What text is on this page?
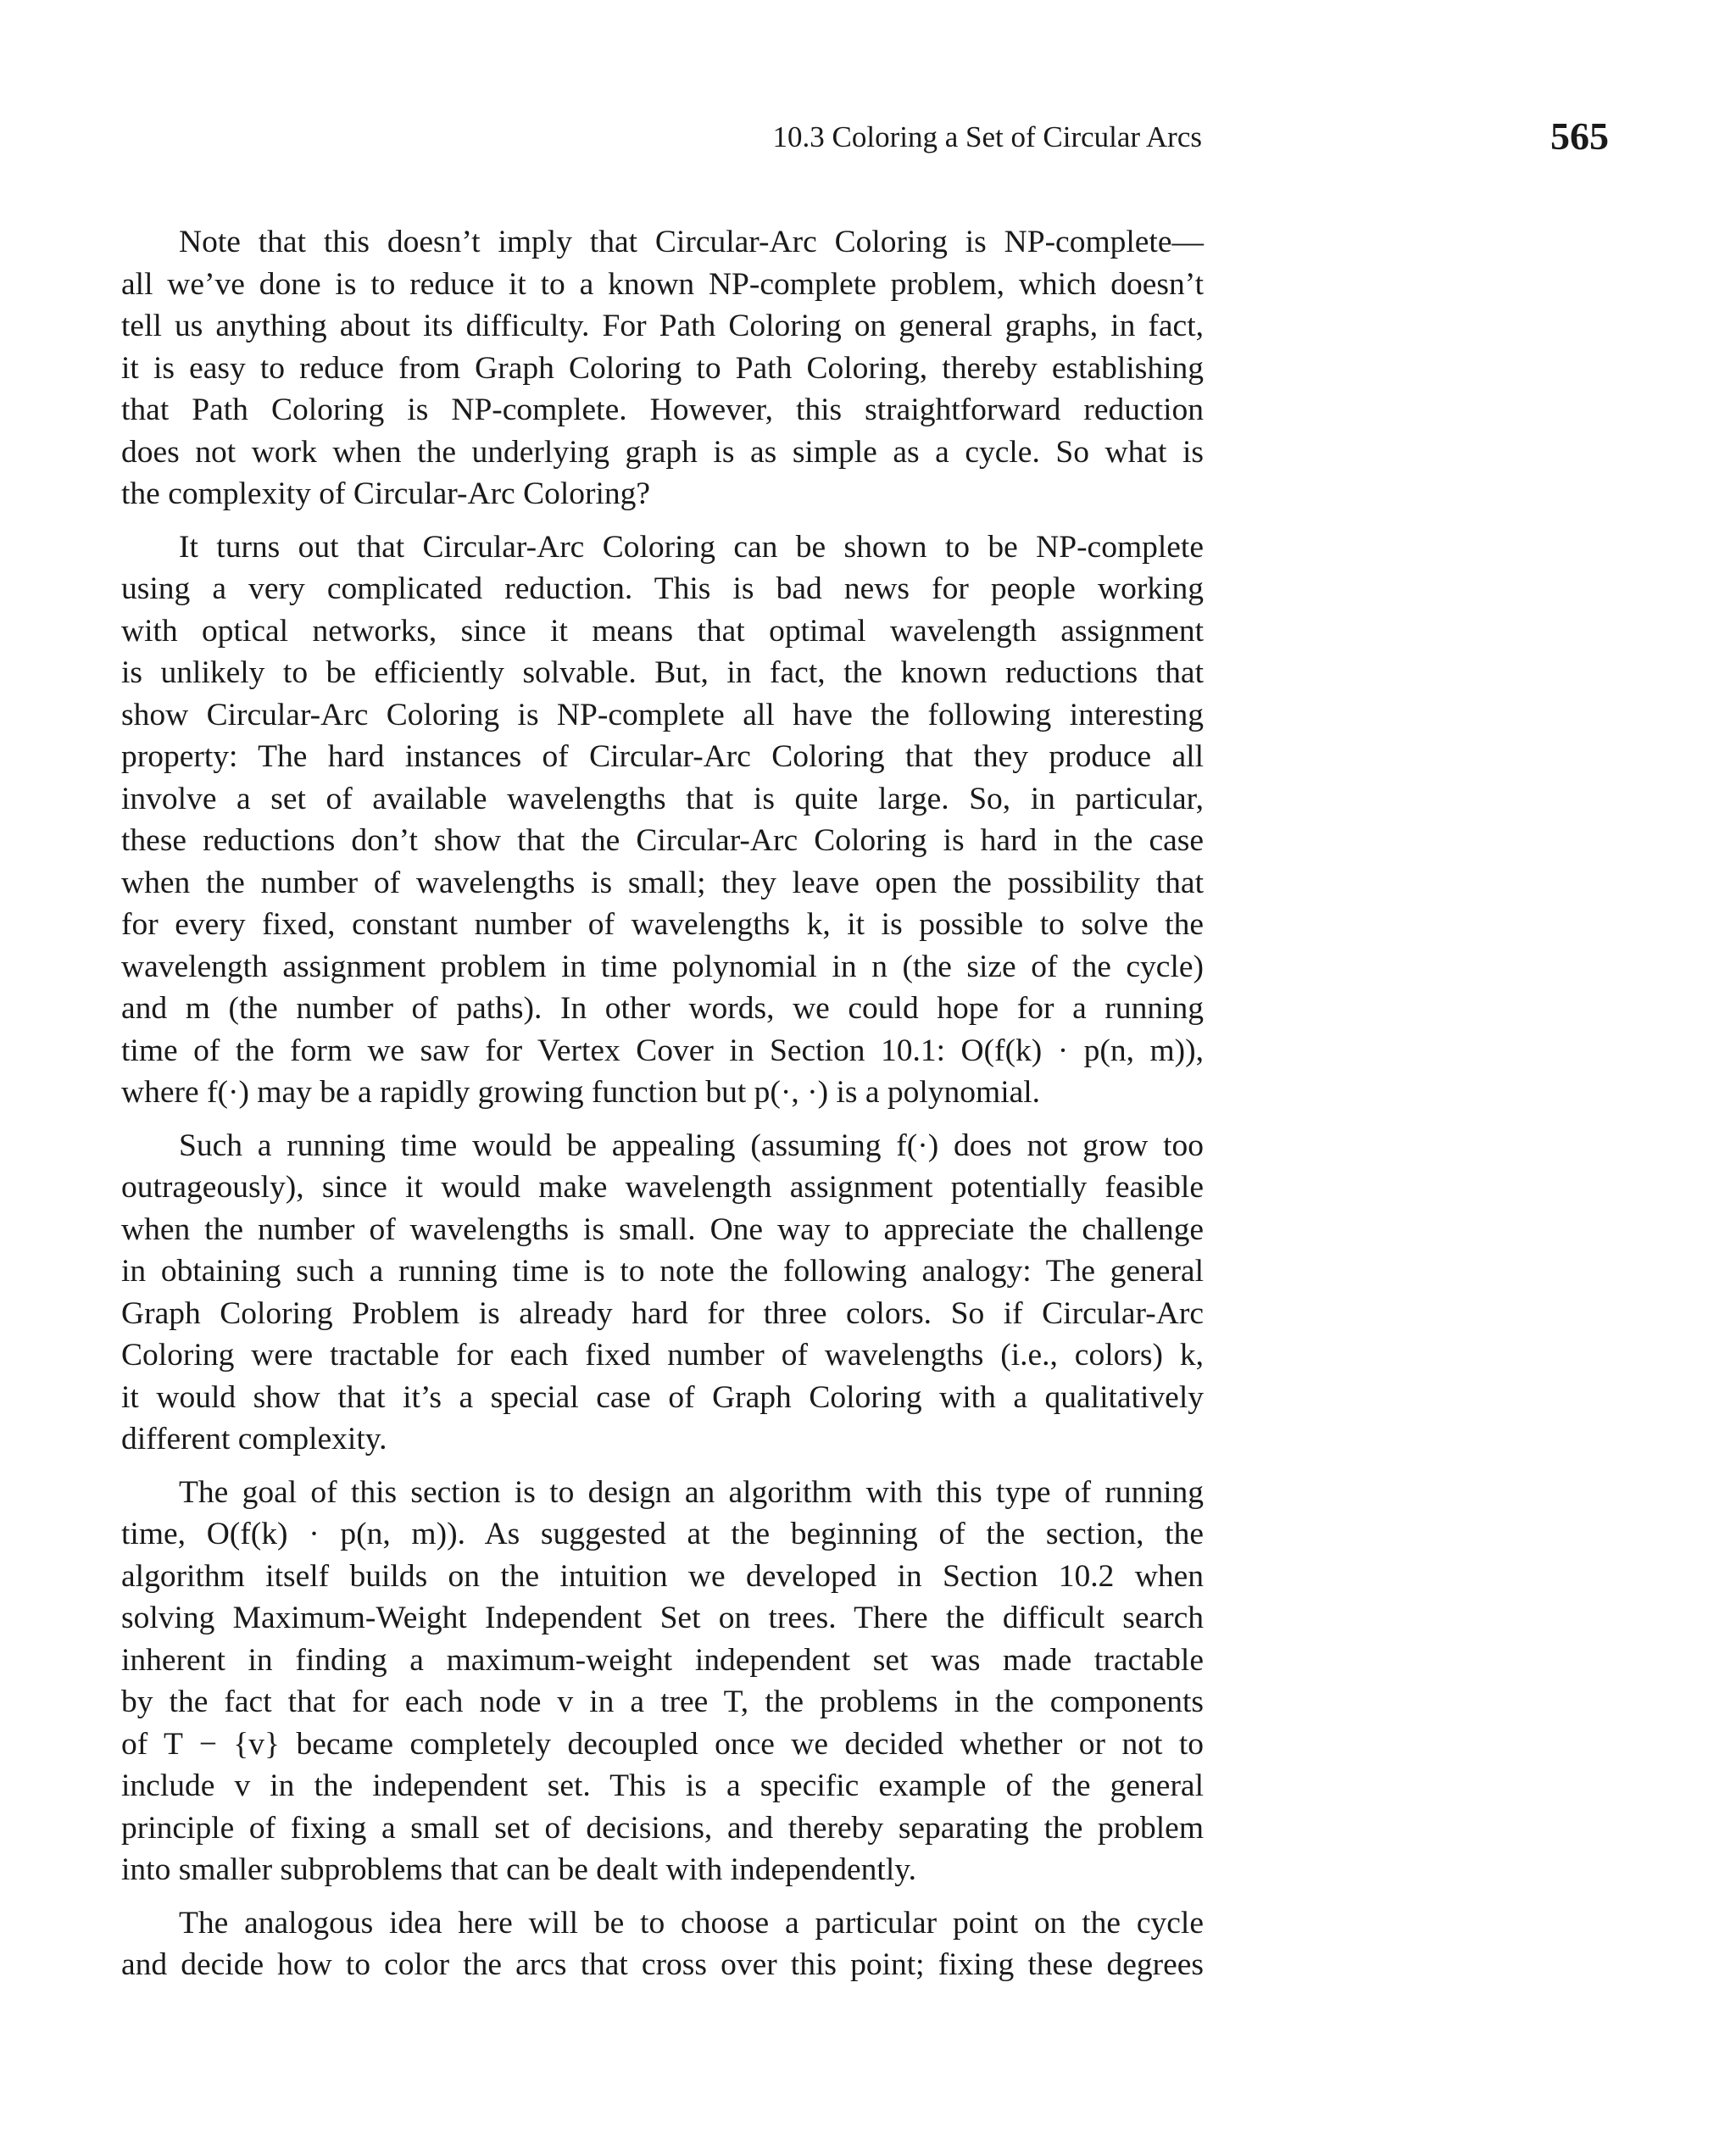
10.3 Coloring a Set of Circular Arcs	565
Note that this doesn’t imply that Circular-Arc Coloring is NP-complete—
all we’ve done is to reduce it to a known NP-complete problem, which doesn’t
tell us anything about its difficulty. For Path Coloring on general graphs, in fact,
it is easy to reduce from Graph Coloring to Path Coloring, thereby establishing
that Path Coloring is NP-complete. However, this straightforward reduction
does not work when the underlying graph is as simple as a cycle. So what is
the complexity of Circular-Arc Coloring?
It turns out that Circular-Arc Coloring can be shown to be NP-complete
using a very complicated reduction. This is bad news for people working
with optical networks, since it means that optimal wavelength assignment
is unlikely to be efficiently solvable. But, in fact, the known reductions that
show Circular-Arc Coloring is NP-complete all have the following interesting
property: The hard instances of Circular-Arc Coloring that they produce all
involve a set of available wavelengths that is quite large. So, in particular,
these reductions don’t show that the Circular-Arc Coloring is hard in the case
when the number of wavelengths is small; they leave open the possibility that
for every fixed, constant number of wavelengths k, it is possible to solve the
wavelength assignment problem in time polynomial in n (the size of the cycle)
and m (the number of paths). In other words, we could hope for a running
time of the form we saw for Vertex Cover in Section 10.1: O(f(k) · p(n, m)),
where f(·) may be a rapidly growing function but p(·, ·) is a polynomial.
Such a running time would be appealing (assuming f(·) does not grow too
outrageously), since it would make wavelength assignment potentially feasible
when the number of wavelengths is small. One way to appreciate the challenge
in obtaining such a running time is to note the following analogy: The general
Graph Coloring Problem is already hard for three colors. So if Circular-Arc
Coloring were tractable for each fixed number of wavelengths (i.e., colors) k,
it would show that it’s a special case of Graph Coloring with a qualitatively
different complexity.
The goal of this section is to design an algorithm with this type of running
time, O(f(k) · p(n, m)). As suggested at the beginning of the section, the
algorithm itself builds on the intuition we developed in Section 10.2 when
solving Maximum-Weight Independent Set on trees. There the difficult search
inherent in finding a maximum-weight independent set was made tractable
by the fact that for each node v in a tree T, the problems in the components
of T − {v} became completely decoupled once we decided whether or not to
include v in the independent set. This is a specific example of the general
principle of fixing a small set of decisions, and thereby separating the problem
into smaller subproblems that can be dealt with independently.
The analogous idea here will be to choose a particular point on the cycle
and decide how to color the arcs that cross over this point; fixing these degrees
